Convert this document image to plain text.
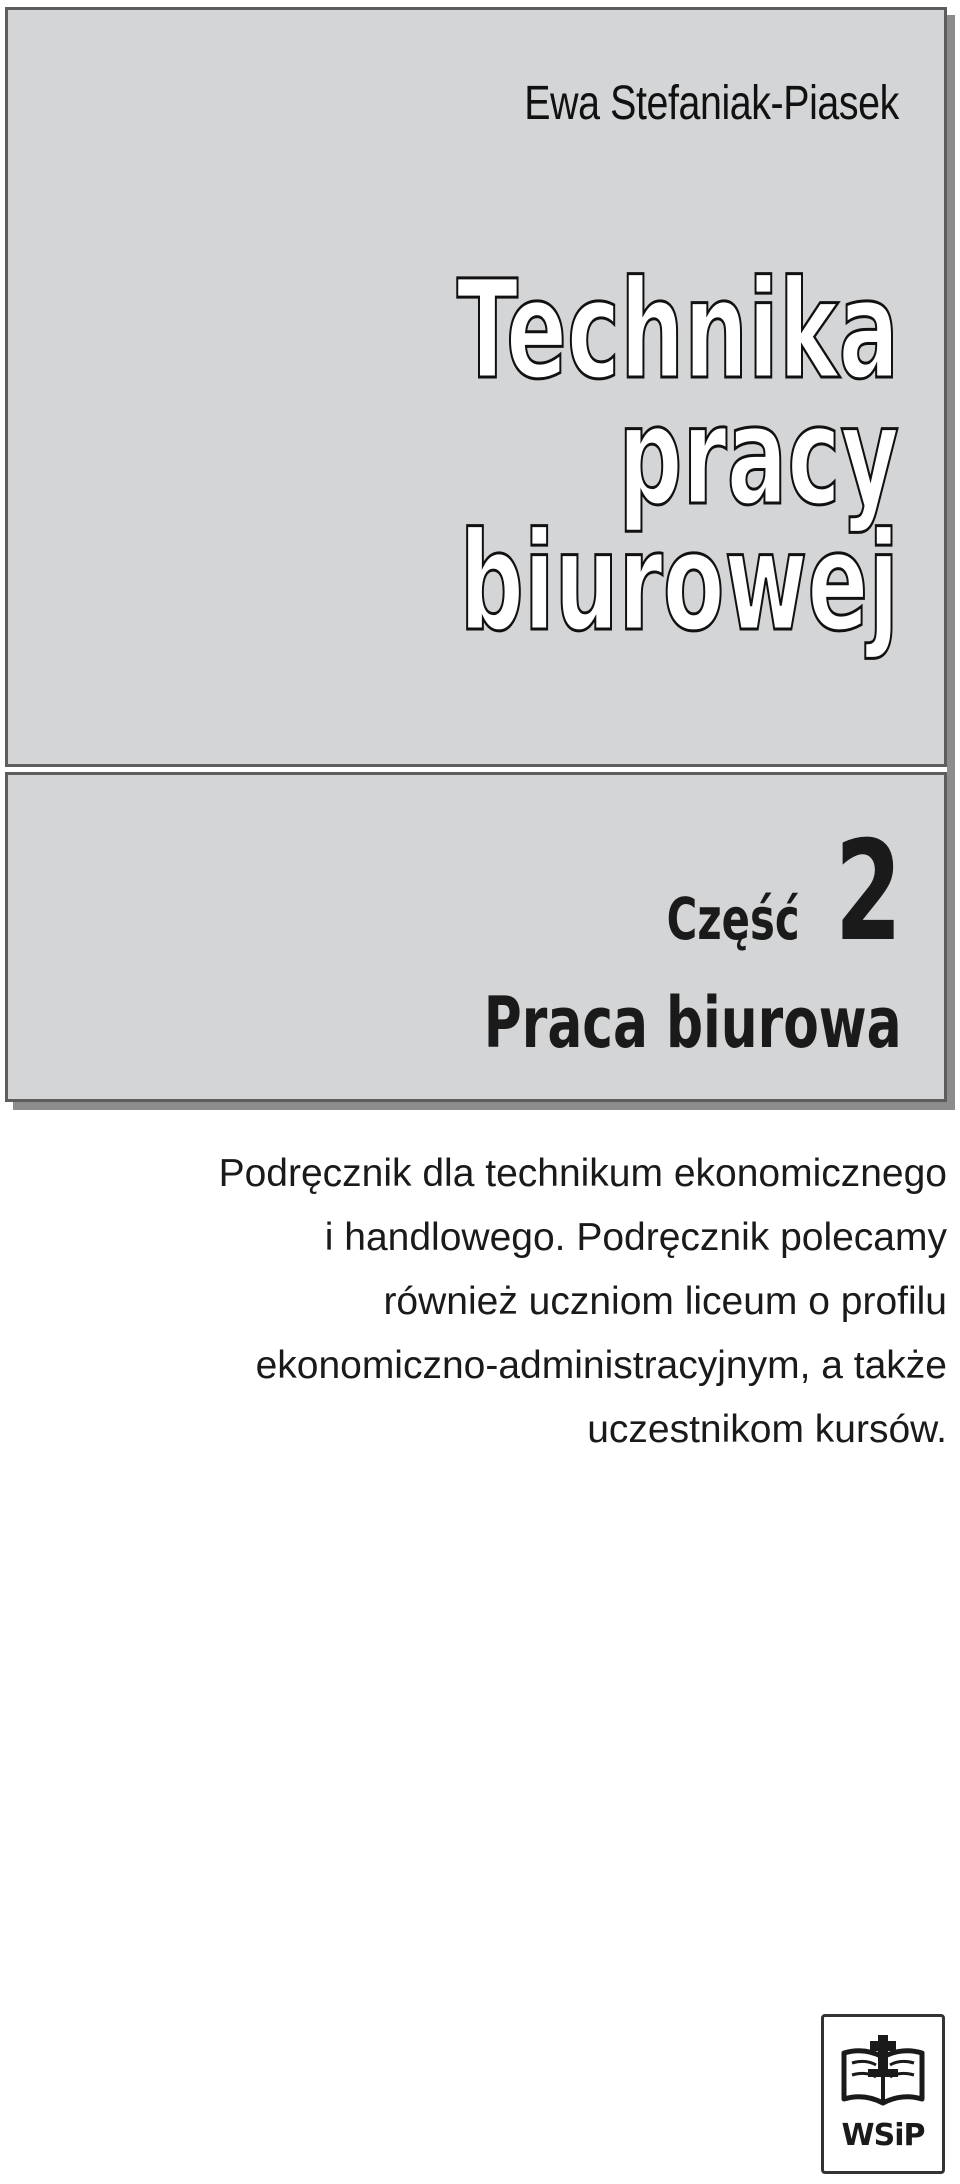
Ewa Stefaniak-Piasek
Technika
pracy
biurowej
Część 2
Praca biurowa

Podręcznik dla technikum ekonomicznego
i handlowego. Podręcznik polecamy
również uczniom liceum o profilu
ekonomiczno-administracyjnym, a także
uczestnikom kursów.

WSiP
